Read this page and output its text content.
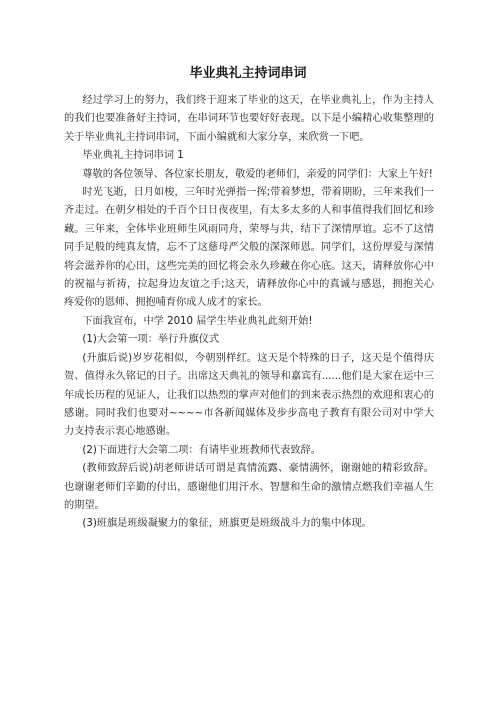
毕业典礼主持词串词

经过学习上的努力，我们终于迎来了毕业的这天，在毕业典礼上，作为主持人的我们也要准备好主持词，在串词环节也要好好表现。以下是小编精心收集整理的关于毕业典礼主持词串词，下面小编就和大家分享，来欣赏一下吧。

毕业典礼主持词串词 1

尊敬的各位领导、各位家长朋友，敬爱的老师们，亲爱的同学们：大家上午好!

时光飞逝，日月如梭，三年时光弹指一挥;带着梦想，带着期盼，三年来我们一齐走过。在朝夕相处的千百个日日夜夜里，有太多太多的人和事值得我们回忆和珍藏。三年来，全体毕业班师生风雨同舟，荣辱与共，结下了深情厚谊。忘不了这情同手足般的纯真友情，忘不了这慈母严父般的深深师恩。同学们，这份厚爱与深情将会滋养你的心田，这些完美的回忆将会永久珍藏在你心底。这天，请释放你心中的祝福与祈祷，拉起身边友谊之手;这天，请释放你心中的真诚与感恩，拥抱关心疼爱你的恩师、拥抱哺育你成人成才的家长。

下面我宣布，中学 2010 届学生毕业典礼此刻开始!

(1)大会第一项：举行升旗仪式

(升旗后说)岁岁花相似，今朝别样红。这天是个特殊的日子，这天是个值得庆贺、值得永久铭记的日子。出席这天典礼的领导和嘉宾有......他们是大家在运中三年成长历程的见证人，让我们以热烈的掌声对他们的到来表示热烈的欢迎和衷心的感谢。同时我们也要对~~~~市各新闻媒体及步步高电子教育有限公司对中学大力支持表示衷心地感谢。

(2)下面进行大会第二项：有请毕业班教师代表致辞。

(教师致辞后说)胡老师讲话可谓是真情流露、豪情满怀，谢谢她的精彩致辞。也谢谢老师们辛勤的付出，感谢他们用汗水、智慧和生命的激情点燃我们幸福人生的期望。

(3)班旗是班级凝聚力的象征，班旗更是班级战斗力的集中体现。
